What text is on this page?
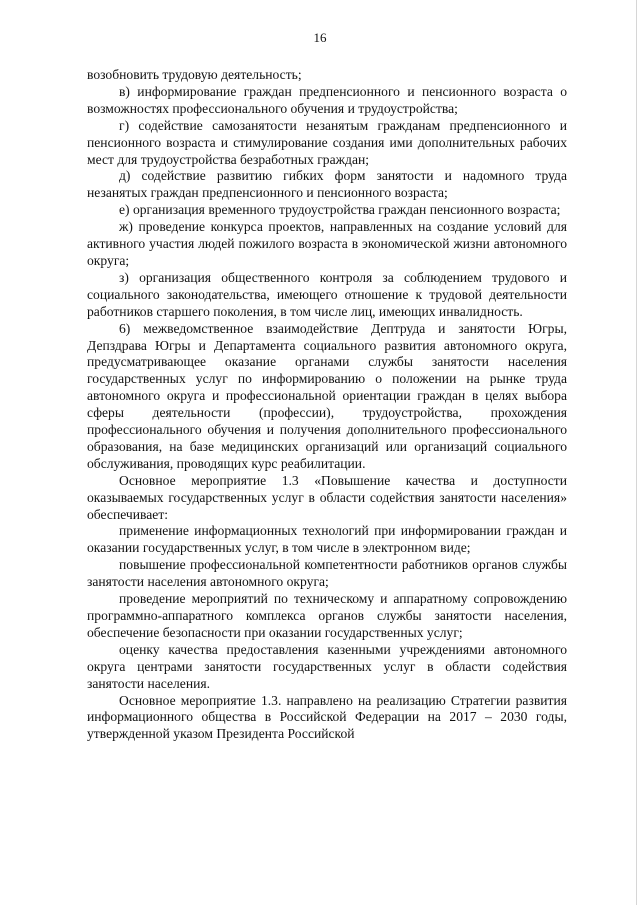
16

возобновить трудовую деятельность;

в) информирование граждан предпенсионного и пенсионного возраста о возможностях профессионального обучения и трудоустройства;

г) содействие самозанятости незанятым гражданам предпенсионного и пенсионного возраста и стимулирование создания ими дополнительных рабочих мест для трудоустройства безработных граждан;

д) содействие развитию гибких форм занятости и надомного труда незанятых граждан предпенсионного и пенсионного возраста;

е) организация временного трудоустройства граждан пенсионного возраста;

ж) проведение конкурса проектов, направленных на создание условий для активного участия людей пожилого возраста в экономической жизни автономного округа;

з) организация общественного контроля за соблюдением трудового и социального законодательства, имеющего отношение к трудовой деятельности работников старшего поколения, в том числе лиц, имеющих инвалидность.

6) межведомственное взаимодействие Дептруда и занятости Югры, Депздрава Югры и Департамента социального развития автономного округа, предусматривающее оказание органами службы занятости населения государственных услуг по информированию о положении на рынке труда автономного округа и профессиональной ориентации граждан в целях выбора сферы деятельности (профессии), трудоустройства, прохождения профессионального обучения и получения дополнительного профессионального образования, на базе медицинских организаций или организаций социального обслуживания, проводящих курс реабилитации.

Основное мероприятие 1.3 «Повышение качества и доступности оказываемых государственных услуг в области содействия занятости населения» обеспечивает:

применение информационных технологий при информировании граждан и оказании государственных услуг, в том числе в электронном виде;

повышение профессиональной компетентности работников органов службы занятости населения автономного округа;

проведение мероприятий по техническому и аппаратному сопровождению программно-аппаратного комплекса органов службы занятости населения, обеспечение безопасности при оказании государственных услуг;

оценку качества предоставления казенными учреждениями автономного округа центрами занятости государственных услуг в области содействия занятости населения.

Основное мероприятие 1.3. направлено на реализацию Стратегии развития информационного общества в Российской Федерации на 2017 – 2030 годы, утвержденной указом Президента Российской
